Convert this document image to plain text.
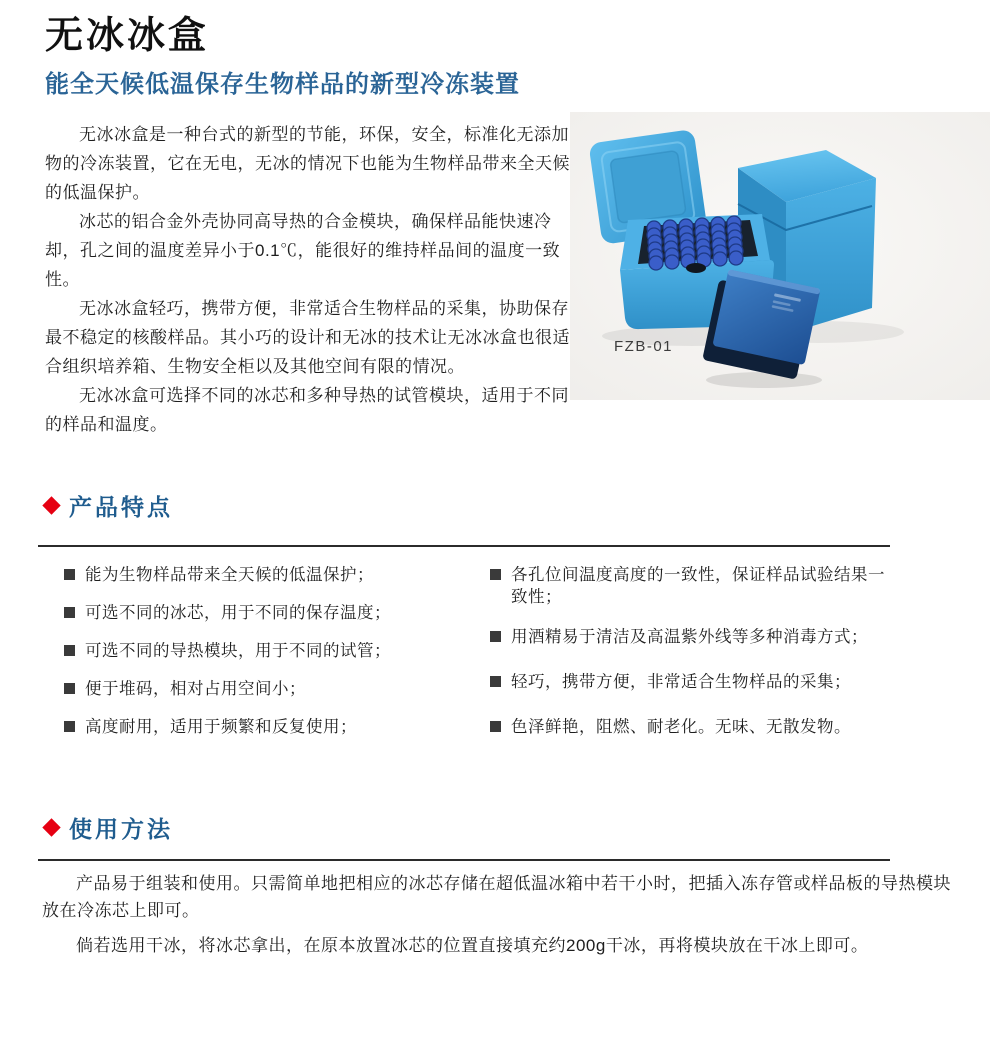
无冰冰盒
能全天候低温保存生物样品的新型冷冻装置

无冰冰盒是一种台式的新型的节能，环保，安全，标准化无添加物的冷冻装置，它在无电，无冰的情况下也能为生物样品带来全天候的低温保护。

冰芯的铝合金外壳协同高导热的合金模块，确保样品能快速冷却，孔之间的温度差异小于0.1℃，能很好的维持样品间的温度一致性。

无冰冰盒轻巧，携带方便，非常适合生物样品的采集，协助保存最不稳定的核酸样品。其小巧的设计和无冰的技术让无冰冰盒也很适合组织培养箱、生物安全柜以及其他空间有限的情况。

无冰冰盒可选择不同的冰芯和多种导热的试管模块，适用于不同的样品和温度。

FZB-01
产品特点
能为生物样品带来全天候的低温保护；
可选不同的冰芯，用于不同的保存温度；
可选不同的导热模块，用于不同的试管；
便于堆码，相对占用空间小；
高度耐用，适用于频繁和反复使用；
各孔位间温度高度的一致性，保证样品试验结果一致性；
用酒精易于清洁及高温紫外线等多种消毒方式；
轻巧，携带方便，非常适合生物样品的采集；
色泽鲜艳，阻燃、耐老化。无味、无散发物。
使用方法

产品易于组装和使用。只需简单地把相应的冰芯存储在超低温冰箱中若干小时，把插入冻存管或样品板的导热模块放在冷冻芯上即可。

倘若选用干冰，将冰芯拿出，在原本放置冰芯的位置直接填充约200g干冰，再将模块放在干冰上即可。
